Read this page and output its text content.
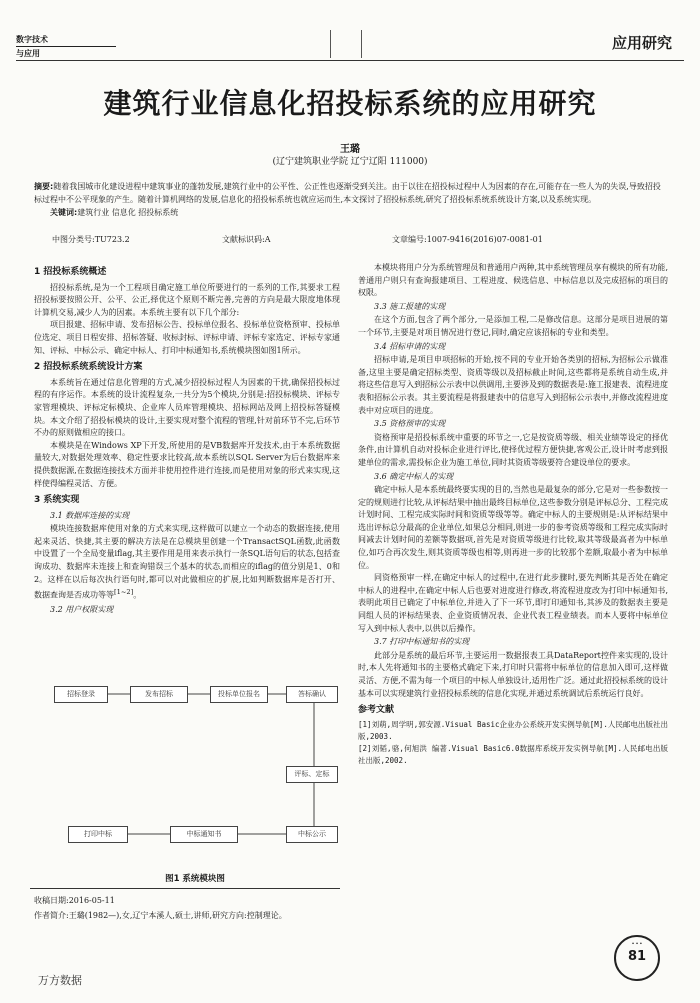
数字技术
与应用
应用研究
建筑行业信息化招投标系统的应用研究
王璐
(辽宁建筑职业学院 辽宁辽阳 111000)
摘要:随着我国城市化建设进程中建筑事业的蓬勃发展,建筑行业中的公平性、公正性也逐渐受到关注。由于以往在招投标过程中人为因素的存在,可能存在一些人为的失误,导致招投标过程中不公平现象的产生。随着计算机网络的发展,信息化的招投标系统也就应运而生,本文探讨了招投标系统,研究了招投标系统系统设计方案,以及系统实现。
关键词:建筑行业 信息化 招投标系统
中图分类号:TU723.2	文献标识码:A	文章编号:1007-9416(2016)07-0081-01
1 招投标系统概述

招投标系统,是为一个工程项目确定施工单位所要进行的一系列的工作,其要求工程招投标要按照公开、公平、公正,择优这个原则不断完善,完善的方向是最大限度地体现计算机交易,减少人为的因素。本系统主要有以下几个部分:

项目报建、招标申请、发布招标公告、投标单位报名、投标单位资格预审、投标单位选定、项目日程安排、招标答疑、收标封标、评标申请、评标专家选定、评标专家通知、评标、中标公示、确定中标人、打印中标通知书,系统模块图如图1所示。

2 招投标系统系统设计方案

本系统旨在通过信息化管理的方式,减少招投标过程人为因素的干扰,确保招投标过程的有序运作。本系统的设计流程复杂,一共分为5个模块,分别是:招投标模块、评标专家管理模块、评标定标模块、企业库人员库管理模块、招标网站及网上招投标答疑模块。本文介绍了招投标模块的设计,主要实现对整个流程的管理,针对前环节不完,后环节不办的原则做相应的接口。

本模块是在Windows XP下开发,所使用的是VB数据库开发技术,由于本系统数据量较大,对数据处理效率、稳定性要求比较高,故本系统以SQL Server为后台数据库来提供数据源,在数据连接技术方面并非使用控件进行连接,而是使用对象的形式来实现,这样使得编程灵活、方便。

3 系统实现
3.1 数据库连接的实现

模块连接数据库使用对象的方式来实现,这样做可以建立一个动态的数据连接,使用起来灵活、快捷,其主要的解决方法是在总模块里创建一个TransactSQL函数,此函数中设置了一个全局变量iflag,其主要作用是用来表示执行一条SQL语句后的状态,包括查询成功、数据库未连接上和查询错误三个基本的状态,而相应的iflag的值分别是1、0和2。这样在以后每次执行语句时,都可以对此做相应的扩展,比如判断数据库是否打开、数据查询是否成功等等[1~2]。

3.2 用户权限实现
招标登录	发布招标	投标单位报名	答标确认
评标、定标
中标公示
中标通知书
打印中标
图1 系统模块图

本模块将用户分为系统管理员和普通用户两种,其中系统管理员享有模块的所有功能,普通用户则只有查询报建项目、工程进度、候选信息、中标信息以及完成招标的项目的权限。

3.3 施工报建的实现

在这个方面,包含了两个部分,一是添加工程,二是修改信息。这部分是项目进展的第一个环节,主要是对项目情况进行登记,同时,确定应该招标的专业和类型。

3.4 招标申请的实现

招标申请,是项目申项招标的开始,按不同的专业开始各类别的招标,为招标公示做准备,这里主要是确定招标类型、资质等级以及招标截止时间,这些都将是系统自动生成,并将这些信息写入到招标公示表中以供调用,主要涉及到的数据表是:施工报建表、流程进度表和招标公示表。其主要流程是将报建表中的信息写入到招标公示表中,并修改流程进度表中对应项目的进度。

3.5 资格预审的实现

资格预审是招投标系统中重要的环节之一,它是按资质等级、相关业绩等设定的择优条件,由计算机自动对投标企业进行评比,使择优过程方便快捷,客观公正,设计时考虑到报建单位的需求,需投标企业为施工单位,同时其资质等级要符合建设单位的要求。

3.6 确定中标人的实现

确定中标人是本系统最终要实现的目的,当然也是最复杂的部分,它是对一些参数按一定的规则进行比较,从评标结果中抽出最终目标单位,这些参数分别是评标总分、工程完成计划时间、工程完成实际时间和资质等级等等。确定中标人的主要规则是:从评标结果中选出评标总分最高的企业单位,如果总分相同,则进一步的参考资质等级和工程完成实际时间减去计划时间的差额等数据项,首先是对资质等级进行比较,取其等级最高者为中标单位,如巧合再次发生,则其资质等级也相等,则再进一步的比较那个差额,取最小者为中标单位。

同资格预审一样,在确定中标人的过程中,在进行此步骤时,要先判断其是否处在确定中标人的进程中,在确定中标人后也要对进度进行修改,将流程进度改为打印中标通知书,表明此项目已确定了中标单位,并进入了下一环节,即打印通知书,其涉及的数据表主要是同组人员的评标结果表、企业资质情况表、企业代表工程业绩表。而本人要将中标单位写入到中标人表中,以供以后操作。

3.7 打印中标通知书的实现

此部分是系统的最后环节,主要运用一数据报表工具DataReport控件来实现的,设计时,本人先将通知书的主要格式确定下来,打印时只需将中标单位的信息加入即可,这样做灵活、方便,不需为每一个项目的中标人单独设计,适用性广泛。通过此招投标系统的设计基本可以实现建筑行业招投标系统的信息化实现,并通过系统调试后系统运行良好。

参考文献

[1]刘萌,周学明,郭安源.Visual Basic企业办公系统开发实例导航[M].人民邮电出版社出版,2003.

[2]刘韬,骆,何旭洪 编著.Visual Basic6.0数据库系统开发实例导航[M].人民邮电出版社出版,2002.

收稿日期:2016-05-11
作者简介:王璐(1982—),女,辽宁本溪人,硕士,讲师,研究方向:控制理论。
• • •
81
万方数据
